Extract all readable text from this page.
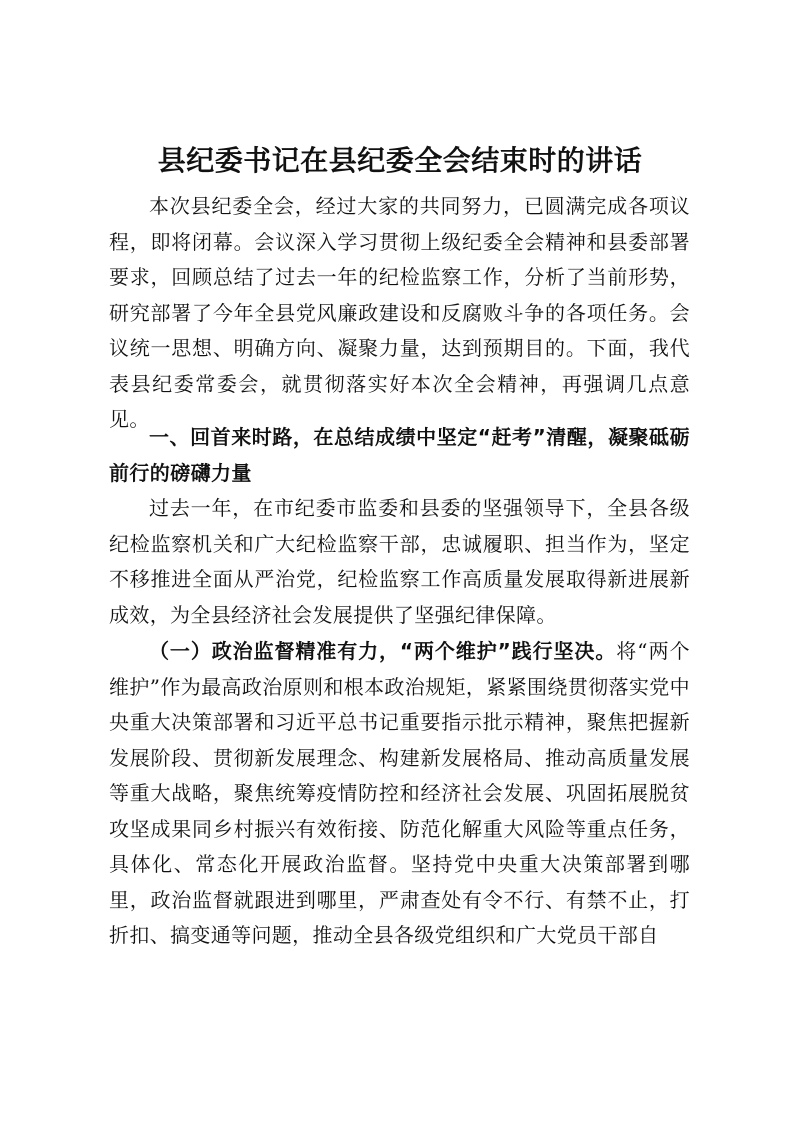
县纪委书记在县纪委全会结束时的讲话

本次县纪委全会，经过大家的共同努力，已圆满完成各项议程，即将闭幕。会议深入学习贯彻上级纪委全会精神和县委部署要求，回顾总结了过去一年的纪检监察工作，分析了当前形势，研究部署了今年全县党风廉政建设和反腐败斗争的各项任务。会议统一思想、明确方向、凝聚力量，达到预期目的。下面，我代表县纪委常委会，就贯彻落实好本次全会精神，再强调几点意见。

一、回首来时路，在总结成绩中坚定“赶考”清醒，凝聚砥砺前行的磅礴力量

过去一年，在市纪委市监委和县委的坚强领导下，全县各级纪检监察机关和广大纪检监察干部，忠诚履职、担当作为，坚定不移推进全面从严治党，纪检监察工作高质量发展取得新进展新成效，为全县经济社会发展提供了坚强纪律保障。

（一）政治监督精准有力，“两个维护”践行坚决。将“两个维护”作为最高政治原则和根本政治规矩，紧紧围绕贯彻落实党中央重大决策部署和习近平总书记重要指示批示精神，聚焦把握新发展阶段、贯彻新发展理念、构建新发展格局、推动高质量发展等重大战略，聚焦统筹疫情防控和经济社会发展、巩固拓展脱贫攻坚成果同乡村振兴有效衔接、防范化解重大风险等重点任务，具体化、常态化开展政治监督。坚持党中央重大决策部署到哪里，政治监督就跟进到哪里，严肃查处有令不行、有禁不止，打折扣、搞变通等问题，推动全县各级党组织和广大党员干部自
